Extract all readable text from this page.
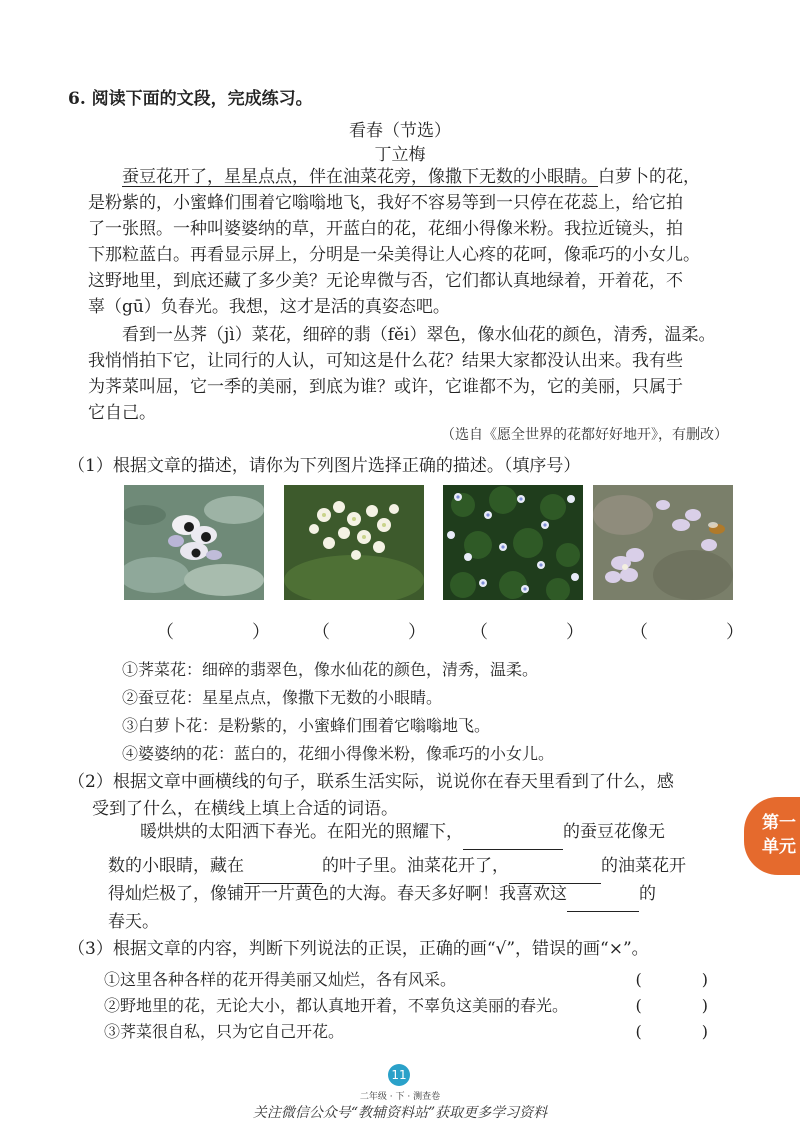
6. 阅读下面的文段，完成练习。
看春（节选）
丁立梅
蚕豆花开了，星星点点，伴在油菜花旁，像撒下无数的小眼睛。白萝卜的花，
是粉紫的，小蜜蜂们围着它嗡嗡地飞，我好不容易等到一只停在花蕊上，给它拍
了一张照。一种叫婆婆纳的草，开蓝白的花，花细小得像米粉。我拉近镜头，拍
下那粒蓝白。再看显示屏上，分明是一朵美得让人心疼的花呵，像乖巧的小女儿。
这野地里，到底还藏了多少美？无论卑微与否，它们都认真地绿着，开着花，不
辜（gū）负春光。我想，这才是活的真姿态吧。
看到一丛荠（jì）菜花，细碎的翡（fěi）翠色，像水仙花的颜色，清秀，温柔。
我悄悄拍下它，让同行的人认，可知这是什么花？结果大家都没认出来。我有些
为荠菜叫屈，它一季的美丽，到底为谁？或许，它谁都不为，它的美丽，只属于
它自己。
（选自《愿全世界的花都好好地开》，有删改）
（1）根据文章的描述，请你为下列图片选择正确的描述。（填序号）
（　） （　） （　） （　）
①荠菜花：细碎的翡翠色，像水仙花的颜色，清秀，温柔。
②蚕豆花：星星点点，像撒下无数的小眼睛。
③白萝卜花：是粉紫的，小蜜蜂们围着它嗡嗡地飞。
④婆婆纳的花：蓝白的，花细小得像米粉，像乖巧的小女儿。
（2）根据文章中画横线的句子，联系生活实际，说说你在春天里看到了什么，感
受到了什么，在横线上填上合适的词语。
暖烘烘的太阳洒下春光。在阳光的照耀下，	的蚕豆花像无
数的小眼睛，藏在	的叶子里。油菜花开了，	的油菜花开
得灿烂极了，像铺开一片黄色的大海。春天多好啊！我喜欢这	的
春天。
（3）根据文章的内容，判断下列说法的正误，正确的画“√”，错误的画“×”。
①这里各种各样的花开得美丽又灿烂，各有风采。	(　)
②野地里的花，无论大小，都认真地开着，不辜负这美丽的春光。	(　)
③荠菜很自私，只为它自己开花。	(　)
第一
单元
11
二年级 · 下 · 测查卷
关注微信公众号“教辅资料站”获取更多学习资料
